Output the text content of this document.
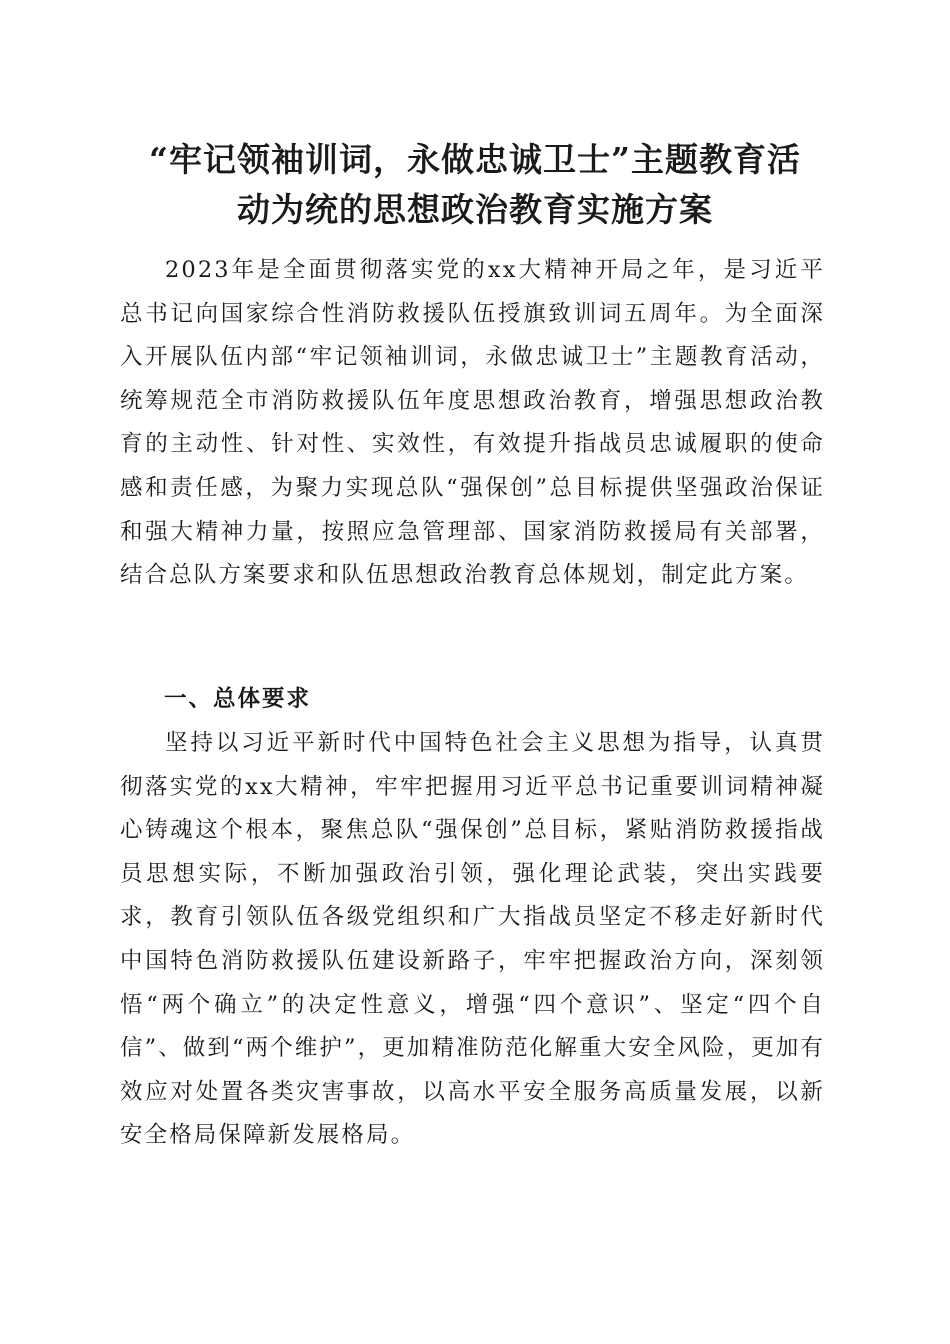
“牢记领袖训词，永做忠诚卫士”主题教育活
动为统的思想政治教育实施方案

2023年是全面贯彻落实党的xx大精神开局之年，是习近平总书记向国家综合性消防救援队伍授旗致训词五周年。为全面深入开展队伍内部“牢记领袖训词，永做忠诚卫士”主题教育活动，统筹规范全市消防救援队伍年度思想政治教育，增强思想政治教育的主动性、针对性、实效性，有效提升指战员忠诚履职的使命感和责任感，为聚力实现总队“强保创”总目标提供坚强政治保证和强大精神力量，按照应急管理部、国家消防救援局有关部署，结合总队方案要求和队伍思想政治教育总体规划，制定此方案。

一、总体要求

坚持以习近平新时代中国特色社会主义思想为指导，认真贯彻落实党的xx大精神，牢牢把握用习近平总书记重要训词精神凝心铸魂这个根本，聚焦总队“强保创”总目标，紧贴消防救援指战员思想实际，不断加强政治引领，强化理论武装，突出实践要求，教育引领队伍各级党组织和广大指战员坚定不移走好新时代中国特色消防救援队伍建设新路子，牢牢把握政治方向，深刻领悟“两个确立”的决定性意义，增强“四个意识”、坚定“四个自信”、做到“两个维护”，更加精准防范化解重大安全风险，更加有效应对处置各类灾害事故，以高水平安全服务高质量发展，以新安全格局保障新发展格局。
